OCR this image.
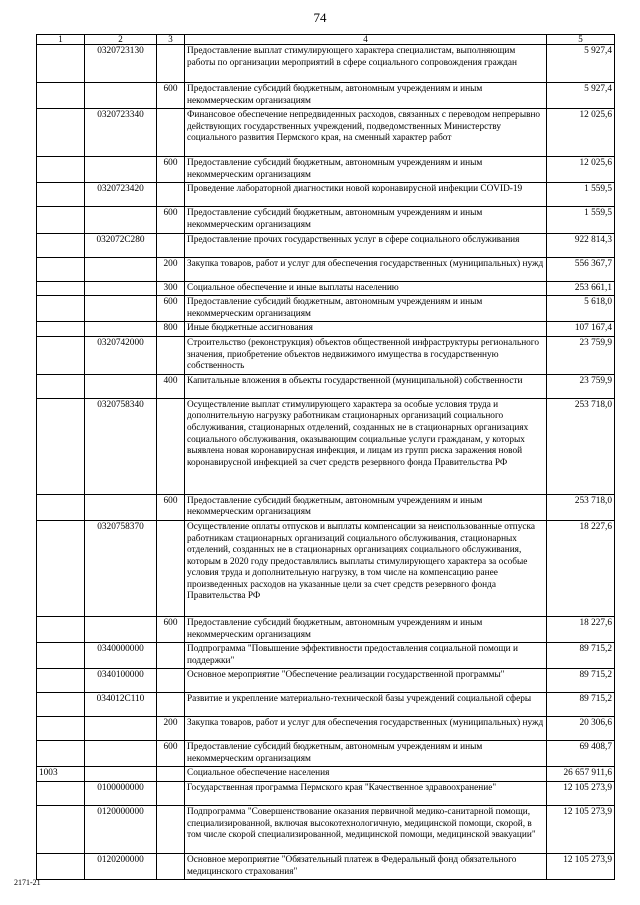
74
1	2	3	4	5
	0320723130		Предоставление выплат стимулирующего характера специалистам, выполняющим работы по организации мероприятий в сфере социального сопровождения граждан	5 927,4
		600	Предоставление субсидий бюджетным, автономным учреждениям и иным некоммерческим организациям	5 927,4
	0320723340		Финансовое обеспечение непредвиденных расходов, связанных с переводом непрерывно действующих государственных учреждений, подведомственных Министерству социального развития Пермского края, на сменный характер работ	12 025,6
		600	Предоставление субсидий бюджетным, автономным учреждениям и иным некоммерческим организациям	12 025,6
	0320723420		Проведение лабораторной диагностики новой коронавирусной инфекции COVID-19	1 559,5
		600	Предоставление субсидий бюджетным, автономным учреждениям и иным некоммерческим организациям	1 559,5
	032072С280		Предоставление прочих государственных услуг в сфере социального обслуживания	922 814,3
		200	Закупка товаров, работ и услуг для обеспечения государственных (муниципальных) нужд	556 367,7
		300	Социальное обеспечение и иные выплаты населению	253 661,1
		600	Предоставление субсидий бюджетным, автономным учреждениям и иным некоммерческим организациям	5 618,0
		800	Иные бюджетные ассигнования	107 167,4
	0320742000		Строительство (реконструкция) объектов общественной инфраструктуры регионального значения, приобретение объектов недвижимого имущества в государственную собственность	23 759,9
		400	Капитальные вложения в объекты государственной (муниципальной) собственности	23 759,9
	0320758340		Осуществление выплат стимулирующего характера за особые условия труда и дополнительную нагрузку работникам стационарных организаций социального обслуживания, стационарных отделений, созданных не в стационарных организациях социального обслуживания, оказывающим социальные услуги гражданам, у которых выявлена новая коронавирусная инфекция, и лицам из групп риска заражения новой коронавирусной инфекцией за счет средств резервного фонда Правительства РФ	253 718,0
		600	Предоставление субсидий бюджетным, автономным учреждениям и иным некоммерческим организациям	253 718,0
	0320758370		Осуществление оплаты отпусков и выплаты компенсации за неиспользованные отпуска работникам стационарных организаций социального обслуживания, стационарных отделений, созданных не в стационарных организациях социального обслуживания, которым в 2020 году предоставлялись выплаты стимулирующего характера за особые условия труда и дополнительную нагрузку, в том числе на компенсацию ранее произведенных расходов на указанные цели за счет средств резервного фонда Правительства РФ	18 227,6
		600	Предоставление субсидий бюджетным, автономным учреждениям и иным некоммерческим организациям	18 227,6
	0340000000		Подпрограмма "Повышение эффективности предоставления социальной помощи и поддержки"	89 715,2
	0340100000		Основное мероприятие "Обеспечение реализации государственной программы"	89 715,2
	034012С110		Развитие и укрепление материально-технической базы учреждений социальной сферы	89 715,2
		200	Закупка товаров, работ и услуг для обеспечения государственных (муниципальных) нужд	20 306,6
		600	Предоставление субсидий бюджетным, автономным учреждениям и иным некоммерческим организациям	69 408,7
1003			Социальное обеспечение населения	26 657 911,6
	0100000000		Государственная программа Пермского края "Качественное здравоохранение"	12 105 273,9
	0120000000		Подпрограмма "Совершенствование оказания первичной медико-санитарной помощи, специализированной, включая высокотехнологичную, медицинской помощи, скорой, в том числе скорой специализированной, медицинской помощи, медицинской эвакуации"	12 105 273,9
	0120200000		Основное мероприятие "Обязательный платеж в Федеральный фонд обязательного медицинского страхования"	12 105 273,9
2171-21
